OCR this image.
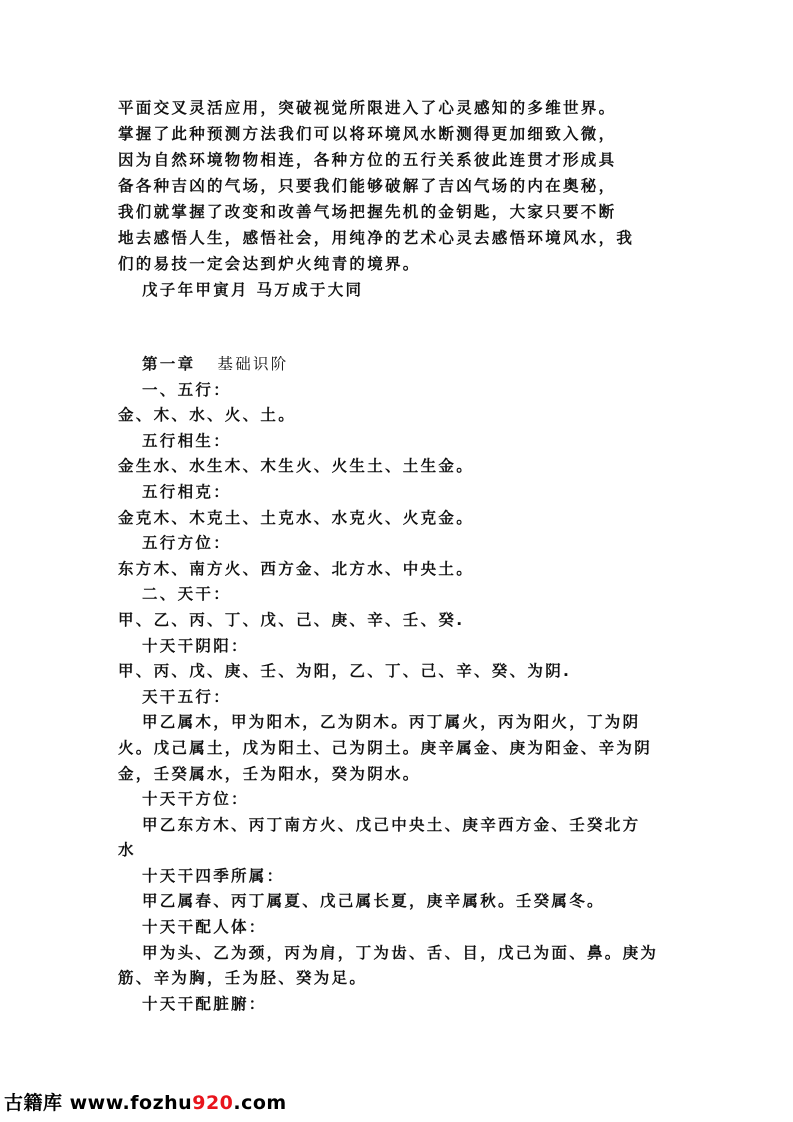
平面交叉灵活应用，突破视觉所限进入了心灵感知的多维世界。
掌握了此种预测方法我们可以将环境风水断测得更加细致入微，
因为自然环境物物相连，各种方位的五行关系彼此连贯才形成具
备各种吉凶的气场，只要我们能够破解了吉凶气场的内在奥秘，
我们就掌握了改变和改善气场把握先机的金钥匙，大家只要不断
地去感悟人生，感悟社会，用纯净的艺术心灵去感悟环境风水，我
们的易技一定会达到炉火纯青的境界。
戊子年甲寅月 马万成于大同
第一章 基础识阶
一、五行：
金、木、水、火、土。
五行相生：
金生水、水生木、木生火、火生土、土生金。
五行相克：
金克木、木克土、土克水、水克火、火克金。
五行方位：
东方木、南方火、西方金、北方水、中央土。
二、天干：
甲、乙、丙、丁、戊、己、庚、辛、壬、癸.
十天干阴阳：
甲、丙、戊、庚、壬、为阳，乙、丁、己、辛、癸、为阴.
天干五行：
甲乙属木，甲为阳木，乙为阴木。丙丁属火，丙为阳火，丁为阴
火。戊己属土，戊为阳土、己为阴土。庚辛属金、庚为阳金、辛为阴
金，壬癸属水，壬为阳水，癸为阴水。
十天干方位：
甲乙东方木、丙丁南方火、戊己中央土、庚辛西方金、壬癸北方
水
十天干四季所属：
甲乙属春、丙丁属夏、戊己属长夏，庚辛属秋。壬癸属冬。
十天干配人体：
甲为头、乙为颈，丙为肩，丁为齿、舌、目，戊己为面、鼻。庚为
筋、辛为胸，壬为胫、癸为足。
十天干配脏腑：
古籍库 www.fozhu920.com
